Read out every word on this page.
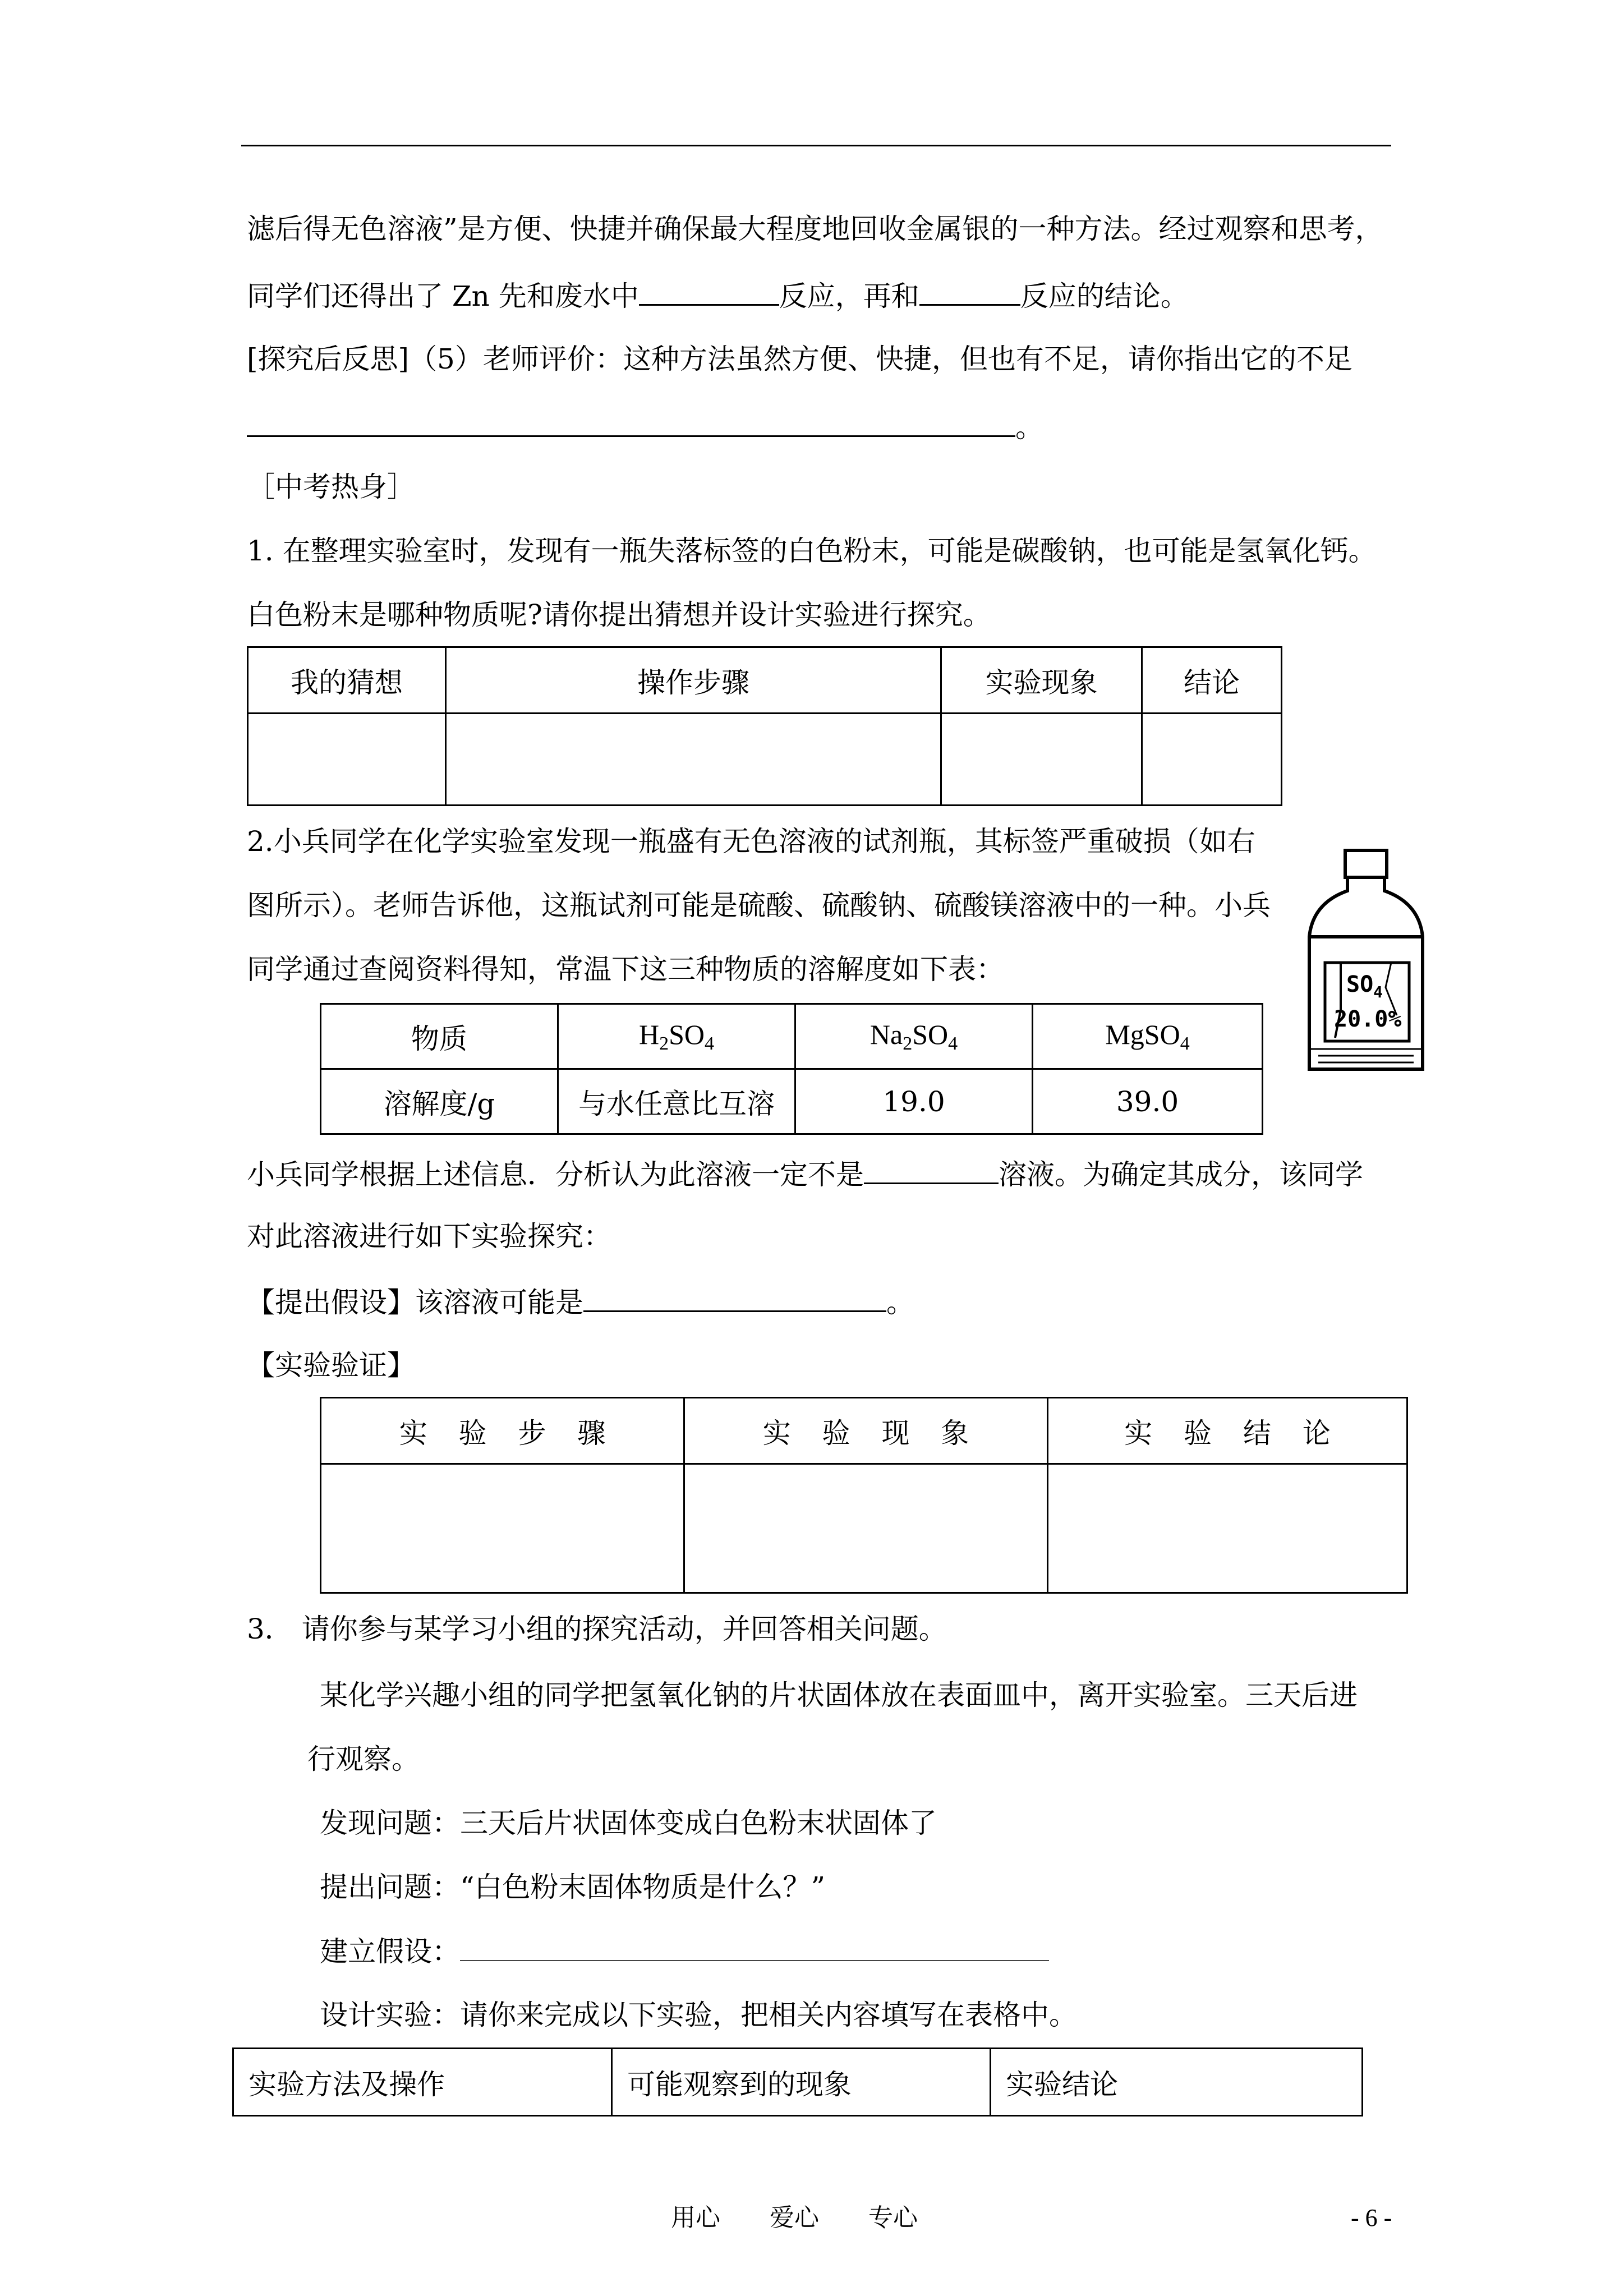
滤后得无色溶液”是方便、快捷并确保最大程度地回收金属银的一种方法。经过观察和思考，
同学们还得出了 Zn 先和废水中	反应，再和	反应的结论。
[探究后反思]（5）老师评价：这种方法虽然方便、快捷，但也有不足，请你指出它的不足
。
［中考热身］
1. 在整理实验室时，发现有一瓶失落标签的白色粉末，可能是碳酸钠，也可能是氢氧化钙。
白色粉末是哪种物质呢?请你提出猜想并设计实验进行探究。
我的猜想	操作步骤	实验现象	结论

2.小兵同学在化学实验室发现一瓶盛有无色溶液的试剂瓶，其标签严重破损（如右
图所示）。老师告诉他，这瓶试剂可能是硫酸、硫酸钠、硫酸镁溶液中的一种。小兵
同学通过查阅资料得知，常温下这三种物质的溶解度如下表：	$SO_4$
20.0%
物质	$H_2SO_4$	$Na_2SO_4$	MgSO$_4$
溶解度/g	与水任意比互溶	19.0	39.0
小兵同学根据上述信息．分析认为此溶液一定不是	溶液。为确定其成分，该同学
对此溶液进行如下实验探究：
【提出假设】该溶液可能是	。
【实验验证】
实 验 步 骤	实 验 现 象	实 验 结 论

3． 请你参与某学习小组的探究活动，并回答相关问题。
某化学兴趣小组的同学把氢氧化钠的片状固体放在表面皿中，离开实验室。三天后进
行观察。
发现问题：三天后片状固体变成白色粉末状固体了
提出问题：“白色粉末固体物质是什么？”
建立假设：
设计实验：请你来完成以下实验，把相关内容填写在表格中。
实验方法及操作	可能观察到的现象	实验结论
用心　　爱心　　专心	- 6 -
